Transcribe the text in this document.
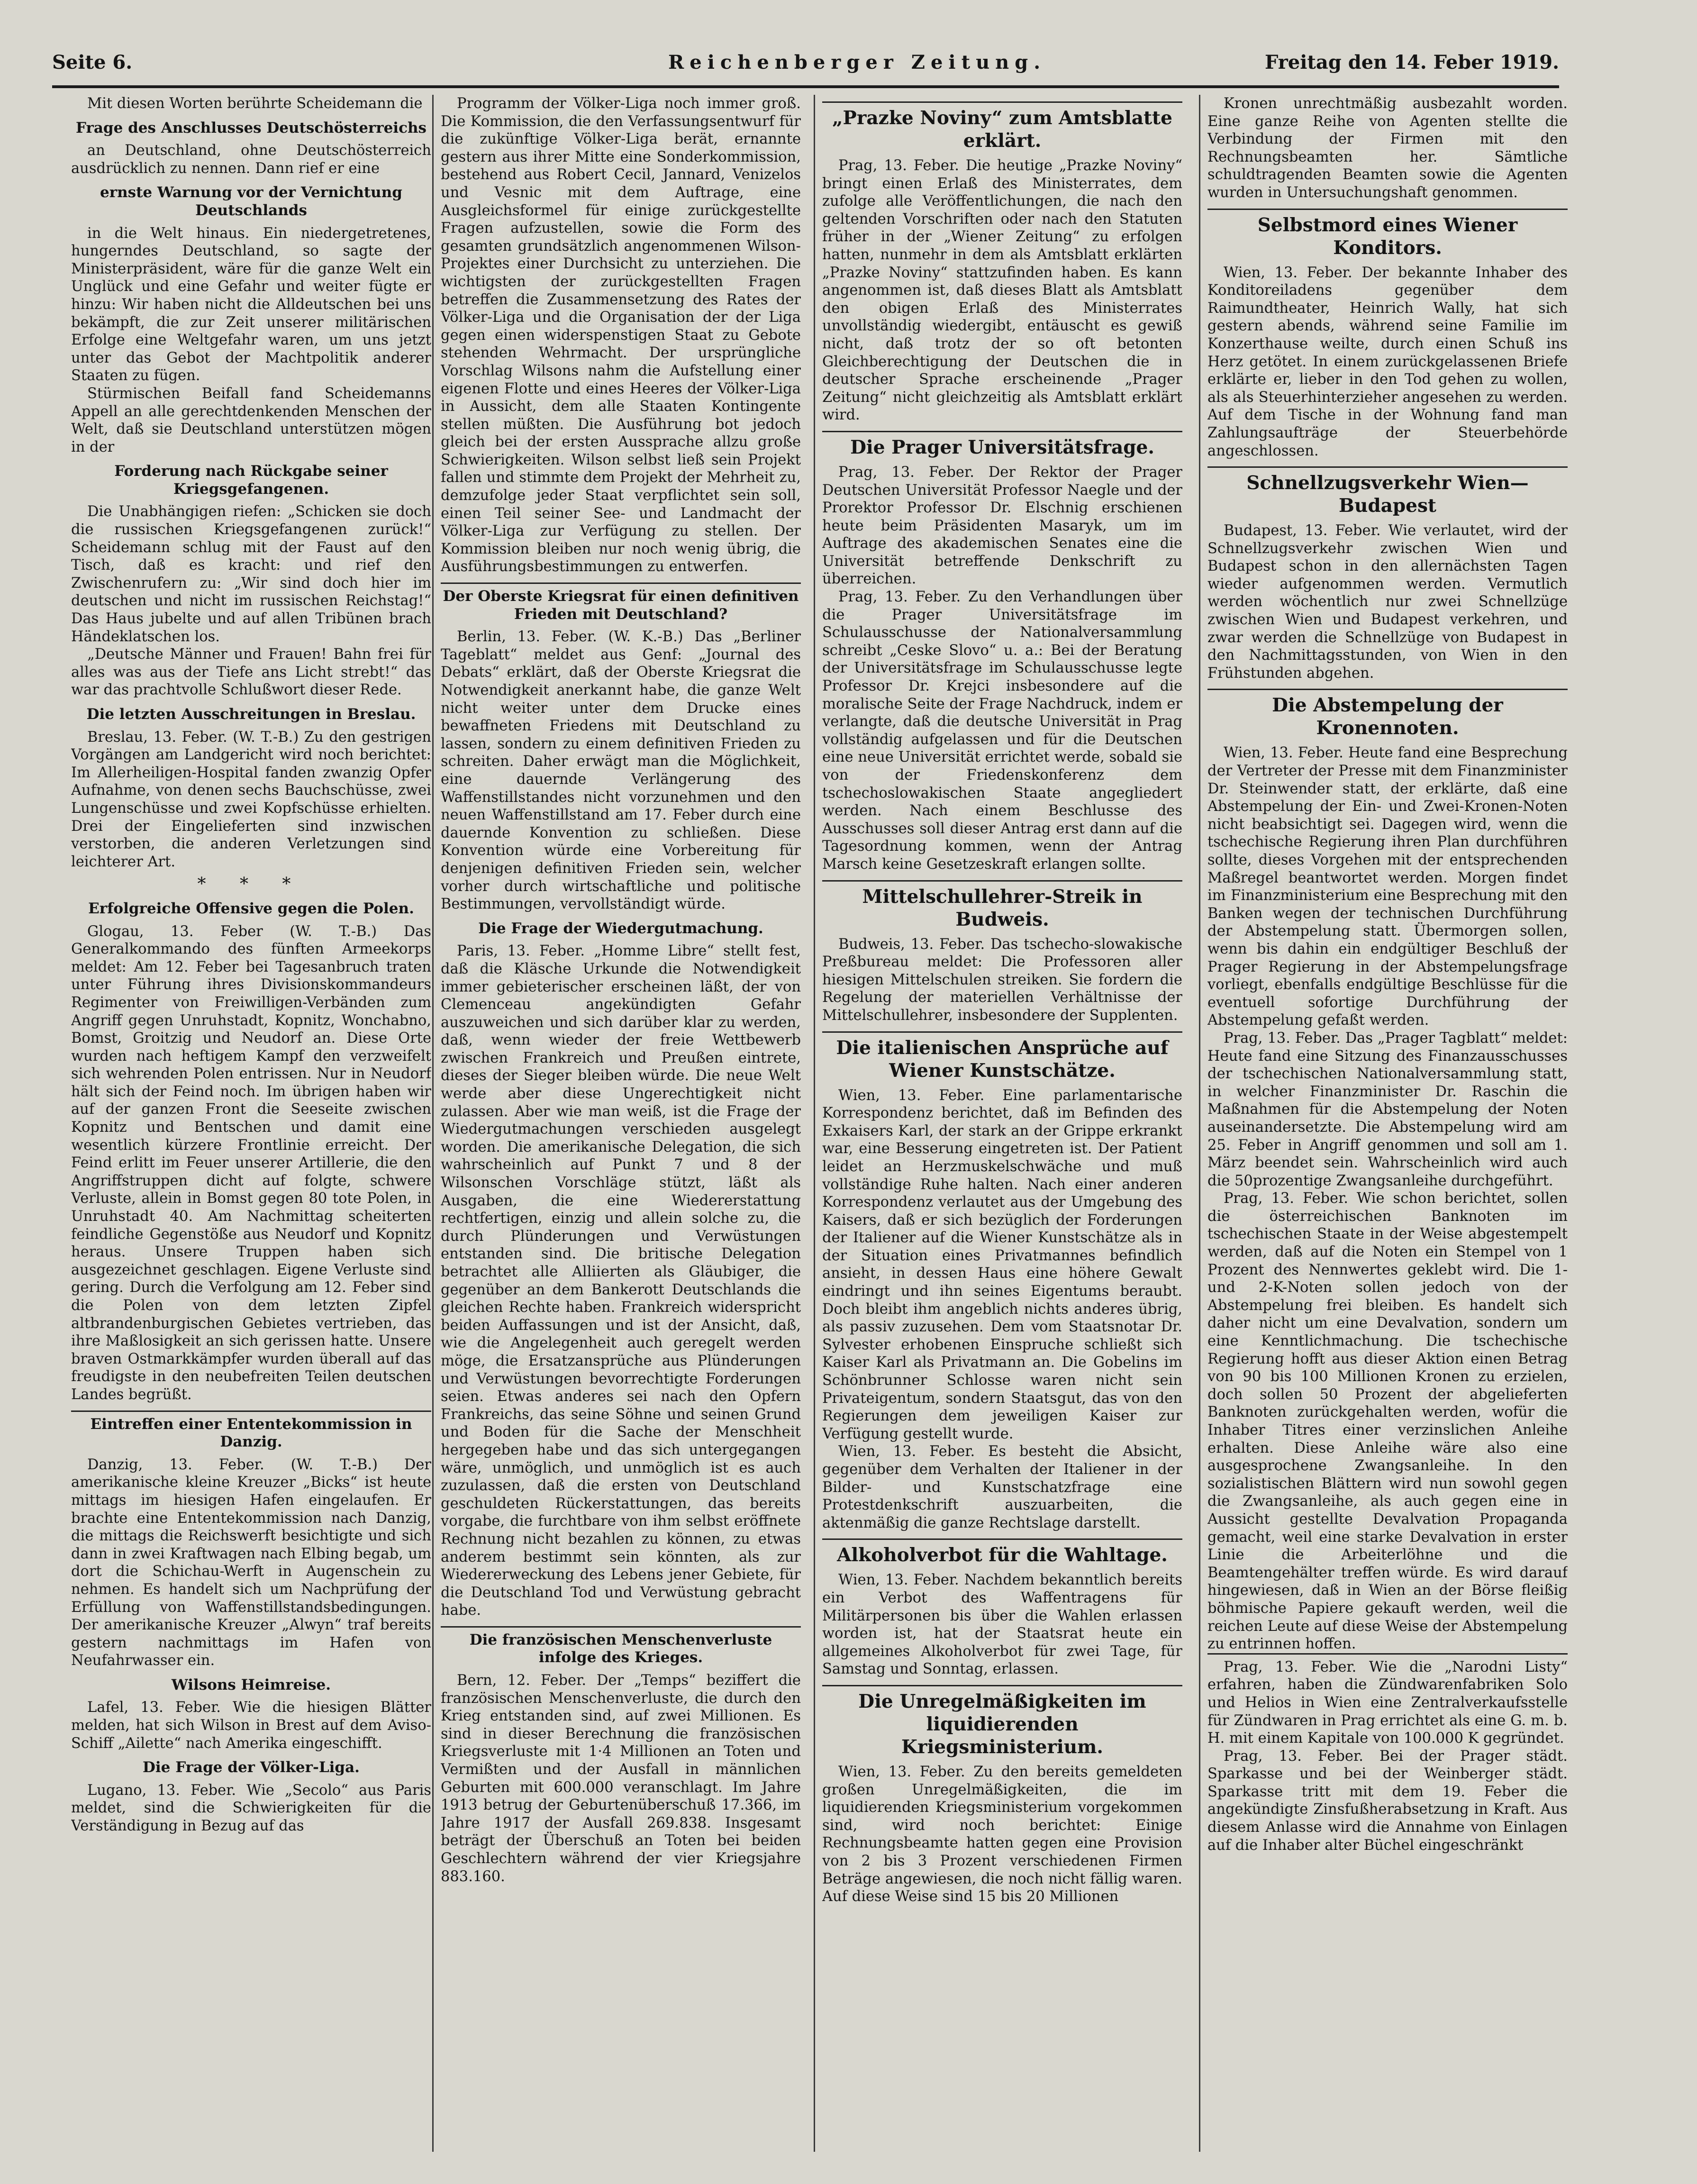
Seite 6.	Reichenberger Zeitung.	Freitag den 14. Feber 1919.

Mit diesen Worten berührte Scheidemann die

Frage des Anschlusses Deutschösterreichs

an Deutschland, ohne Deutschösterreich ausdrücklich zu nennen. Dann rief er eine

ernste Warnung vor der Vernichtung Deutschlands

in die Welt hinaus. Ein niedergetretenes, hungerndes Deutschland, so sagte der Ministerpräsident, wäre für die ganze Welt ein Unglück und eine Gefahr und weiter fügte er hinzu: Wir haben nicht die Alldeutschen bei uns bekämpft, die zur Zeit unserer militärischen Erfolge eine Weltgefahr waren, um uns jetzt unter das Gebot der Machtpolitik anderer Staaten zu fügen.

Stürmischen Beifall fand Scheidemanns Appell an alle gerechtdenkenden Menschen der Welt, daß sie Deutschland unterstützen mögen in der

Forderung nach Rückgabe seiner Kriegsgefangenen.

Die Unabhängigen riefen: „Schicken sie doch die russischen Kriegsgefangenen zurück!“ Scheidemann schlug mit der Faust auf den Tisch, daß es kracht: und rief den Zwischenrufern zu: „Wir sind doch hier im deutschen und nicht im russischen Reichstag!“ Das Haus jubelte und auf allen Tribünen brach Händeklatschen los.

„Deutsche Männer und Frauen! Bahn frei für alles was aus der Tiefe ans Licht strebt!“ das war das prachtvolle Schlußwort dieser Rede.

Die letzten Ausschreitungen in Breslau.

Breslau, 13. Feber. (W. T.-B.) Zu den gestrigen Vorgängen am Landgericht wird noch berichtet: Im Allerheiligen-Hospital fanden zwanzig Opfer Aufnahme, von denen sechs Bauchschüsse, zwei Lungenschüsse und zwei Kopfschüsse erhielten. Drei der Eingelieferten sind inzwischen verstorben, die anderen Verletzungen sind leichterer Art.

* * *

Erfolgreiche Offensive gegen die Polen.

Glogau, 13. Feber (W. T.-B.) Das Generalkommando des fünften Armeekorps meldet: Am 12. Feber bei Tagesanbruch traten unter Führung ihres Divisionskommandeurs Regimenter von Freiwilligen-Verbänden zum Angriff gegen Unruhstadt, Kopnitz, Wonchabno, Bomst, Groitzig und Neudorf an. Diese Orte wurden nach heftigem Kampf den verzweifelt sich wehrenden Polen entrissen. Nur in Neudorf hält sich der Feind noch. Im übrigen haben wir auf der ganzen Front die Seeseite zwischen Kopnitz und Bentschen und damit eine wesentlich kürzere Frontlinie erreicht. Der Feind erlitt im Feuer unserer Artillerie, die den Angriffstruppen dicht auf folgte, schwere Verluste, allein in Bomst gegen 80 tote Polen, in Unruhstadt 40. Am Nachmittag scheiterten feindliche Gegenstöße aus Neudorf und Kopnitz heraus. Unsere Truppen haben sich ausgezeichnet geschlagen. Eigene Verluste sind gering. Durch die Verfolgung am 12. Feber sind die Polen von dem letzten Zipfel altbrandenburgischen Gebietes vertrieben, das ihre Maßlosigkeit an sich gerissen hatte. Unsere braven Ostmarkkämpfer wurden überall auf das freudigste in den neubefreiten Teilen deutschen Landes begrüßt.

Eintreffen einer Ententekommission in Danzig.

Danzig, 13. Feber. (W. T.-B.) Der amerikanische kleine Kreuzer „Bicks“ ist heute mittags im hiesigen Hafen eingelaufen. Er brachte eine Ententekommission nach Danzig, die mittags die Reichswerft besichtigte und sich dann in zwei Kraftwagen nach Elbing begab, um dort die Schichau-Werft in Augenschein zu nehmen. Es handelt sich um Nachprüfung der Erfüllung von Waffenstillstandsbedingungen. Der amerikanische Kreuzer „Alwyn“ traf bereits gestern nachmittags im Hafen von Neufahrwasser ein.

Wilsons Heimreise.

Lafel, 13. Feber. Wie die hiesigen Blätter melden, hat sich Wilson in Brest auf dem Aviso-Schiff „Ailette“ nach Amerika eingeschifft.

Die Frage der Völker-Liga.

Lugano, 13. Feber. Wie „Secolo“ aus Paris meldet, sind die Schwierigkeiten für die Verständigung in Bezug auf das

Programm der Völker-Liga noch immer groß. Die Kommission, die den Verfassungsentwurf für die zukünftige Völker-Liga berät, ernannte gestern aus ihrer Mitte eine Sonderkommission, bestehend aus Robert Cecil, Jannard, Venizelos und Vesnic mit dem Auftrage, eine Ausgleichsformel für einige zurückgestellte Fragen aufzustellen, sowie die Form des gesamten grundsätzlich angenommenen Wilson-Projektes einer Durchsicht zu unterziehen. Die wichtigsten der zurückgestellten Fragen betreffen die Zusammensetzung des Rates der Völker-Liga und die Organisation der der Liga gegen einen widerspenstigen Staat zu Gebote stehenden Wehrmacht. Der ursprüngliche Vorschlag Wilsons nahm die Aufstellung einer eigenen Flotte und eines Heeres der Völker-Liga in Aussicht, dem alle Staaten Kontingente stellen müßten. Die Ausführung bot jedoch gleich bei der ersten Aussprache allzu große Schwierigkeiten. Wilson selbst ließ sein Projekt fallen und stimmte dem Projekt der Mehrheit zu, demzufolge jeder Staat verpflichtet sein soll, einen Teil seiner See- und Landmacht der Völker-Liga zur Verfügung zu stellen. Der Kommission bleiben nur noch wenig übrig, die Ausführungsbestimmungen zu entwerfen.

Der Oberste Kriegsrat für einen definitiven Frieden mit Deutschland?

Berlin, 13. Feber. (W. K.-B.) Das „Berliner Tageblatt“ meldet aus Genf: „Journal des Debats“ erklärt, daß der Oberste Kriegsrat die Notwendigkeit anerkannt habe, die ganze Welt nicht weiter unter dem Drucke eines bewaffneten Friedens mit Deutschland zu lassen, sondern zu einem definitiven Frieden zu schreiten. Daher erwägt man die Möglichkeit, eine dauernde Verlängerung des Waffenstillstandes nicht vorzunehmen und den neuen Waffenstillstand am 17. Feber durch eine dauernde Konvention zu schließen. Diese Konvention würde eine Vorbereitung für denjenigen definitiven Frieden sein, welcher vorher durch wirtschaftliche und politische Bestimmungen, vervollständigt würde.

Die Frage der Wiedergutmachung.

Paris, 13. Feber. „Homme Libre“ stellt fest, daß die Kläsche Urkunde die Notwendigkeit immer gebieterischer erscheinen läßt, der von Clemenceau angekündigten Gefahr auszuweichen und sich darüber klar zu werden, daß, wenn wieder der freie Wettbewerb zwischen Frankreich und Preußen eintrete, dieses der Sieger bleiben würde. Die neue Welt werde aber diese Ungerechtigkeit nicht zulassen. Aber wie man weiß, ist die Frage der Wiedergutmachungen verschieden ausgelegt worden. Die amerikanische Delegation, die sich wahrscheinlich auf Punkt 7 und 8 der Wilsonschen Vorschläge stützt, läßt als Ausgaben, die eine Wiedererstattung rechtfertigen, einzig und allein solche zu, die durch Plünderungen und Verwüstungen entstanden sind. Die britische Delegation betrachtet alle Alliierten als Gläubiger, die gegenüber an dem Bankerott Deutschlands die gleichen Rechte haben. Frankreich widerspricht beiden Auffassungen und ist der Ansicht, daß, wie die Angelegenheit auch geregelt werden möge, die Ersatzansprüche aus Plünderungen und Verwüstungen bevorrechtigte Forderungen seien. Etwas anderes sei nach den Opfern Frankreichs, das seine Söhne und seinen Grund und Boden für die Sache der Menschheit hergegeben habe und das sich untergegangen wäre, unmöglich, und unmöglich ist es auch zuzulassen, daß die ersten von Deutschland geschuldeten Rückerstattungen, das bereits vorgabe, die furchtbare von ihm selbst eröffnete Rechnung nicht bezahlen zu können, zu etwas anderem bestimmt sein könnten, als zur Wiedererweckung des Lebens jener Gebiete, für die Deutschland Tod und Verwüstung gebracht habe.

Die französischen Menschenverluste infolge des Krieges.

Bern, 12. Feber. Der „Temps“ beziffert die französischen Menschenverluste, die durch den Krieg entstanden sind, auf zwei Millionen. Es sind in dieser Berechnung die französischen Kriegsverluste mit 1·4 Millionen an Toten und Vermißten und der Ausfall in männlichen Geburten mit 600.000 veranschlagt. Im Jahre 1913 betrug der Geburtenüberschuß 17.366, im Jahre 1917 der Ausfall 269.838. Insgesamt beträgt der Überschuß an Toten bei beiden Geschlechtern während der vier Kriegsjahre 883.160.

„Prazke Noviny“ zum Amtsblatte erklärt.

Prag, 13. Feber. Die heutige „Prazke Noviny“ bringt einen Erlaß des Ministerrates, dem zufolge alle Veröffentlichungen, die nach den geltenden Vorschriften oder nach den Statuten früher in der „Wiener Zeitung“ zu erfolgen hatten, nunmehr in dem als Amtsblatt erklärten „Prazke Noviny“ stattzufinden haben. Es kann angenommen ist, daß dieses Blatt als Amtsblatt den obigen Erlaß des Ministerrates unvollständig wiedergibt, entäuscht es gewiß nicht, daß trotz der so oft betonten Gleichberechtigung der Deutschen die in deutscher Sprache erscheinende „Prager Zeitung“ nicht gleichzeitig als Amtsblatt erklärt wird.

Die Prager Universitätsfrage.

Prag, 13. Feber. Der Rektor der Prager Deutschen Universität Professor Naegle und der Prorektor Professor Dr. Elschnig erschienen heute beim Präsidenten Masaryk, um im Auftrage des akademischen Senates eine die Universität betreffende Denkschrift zu überreichen.

Prag, 13. Feber. Zu den Verhandlungen über die Prager Universitätsfrage im Schulausschusse der Nationalversammlung schreibt „Ceske Slovo“ u. a.: Bei der Beratung der Universitätsfrage im Schulausschusse legte Professor Dr. Krejci insbesondere auf die moralische Seite der Frage Nachdruck, indem er verlangte, daß die deutsche Universität in Prag vollständig aufgelassen und für die Deutschen eine neue Universität errichtet werde, sobald sie von der Friedenskonferenz dem tschechoslowakischen Staate angegliedert werden. Nach einem Beschlusse des Ausschusses soll dieser Antrag erst dann auf die Tagesordnung kommen, wenn der Antrag Marsch keine Gesetzeskraft erlangen sollte.

Mittelschullehrer-Streik in Budweis.

Budweis, 13. Feber. Das tschecho-slowakische Preßbureau meldet: Die Professoren aller hiesigen Mittelschulen streiken. Sie fordern die Regelung der materiellen Verhältnisse der Mittelschullehrer, insbesondere der Supplenten.

Die italienischen Ansprüche auf Wiener Kunstschätze.

Wien, 13. Feber. Eine parlamentarische Korrespondenz berichtet, daß im Befinden des Exkaisers Karl, der stark an der Grippe erkrankt war, eine Besserung eingetreten ist. Der Patient leidet an Herzmuskelschwäche und muß vollständige Ruhe halten. Nach einer anderen Korrespondenz verlautet aus der Umgebung des Kaisers, daß er sich bezüglich der Forderungen der Italiener auf die Wiener Kunstschätze als in der Situation eines Privatmannes befindlich ansieht, in dessen Haus eine höhere Gewalt eindringt und ihn seines Eigentums beraubt. Doch bleibt ihm angeblich nichts anderes übrig, als passiv zuzusehen. Dem vom Staatsnotar Dr. Sylvester erhobenen Einspruche schließt sich Kaiser Karl als Privatmann an. Die Gobelins im Schönbrunner Schlosse waren nicht sein Privateigentum, sondern Staatsgut, das von den Regierungen dem jeweiligen Kaiser zur Verfügung gestellt wurde.

Wien, 13. Feber. Es besteht die Absicht, gegenüber dem Verhalten der Italiener in der Bilder- und Kunstschatzfrage eine Protestdenkschrift auszuarbeiten, die aktenmäßig die ganze Rechtslage darstellt.

Alkoholverbot für die Wahltage.

Wien, 13. Feber. Nachdem bekanntlich bereits ein Verbot des Waffentragens für Militärpersonen bis über die Wahlen erlassen worden ist, hat der Staatsrat heute ein allgemeines Alkoholverbot für zwei Tage, für Samstag und Sonntag, erlassen.

Die Unregelmäßigkeiten im liquidierenden Kriegsministerium.

Wien, 13. Feber. Zu den bereits gemeldeten großen Unregelmäßigkeiten, die im liquidierenden Kriegsministerium vorgekommen sind, wird noch berichtet: Einige Rechnungsbeamte hatten gegen eine Provision von 2 bis 3 Prozent verschiedenen Firmen Beträge angewiesen, die noch nicht fällig waren. Auf diese Weise sind 15 bis 20 Millionen

Kronen unrechtmäßig ausbezahlt worden. Eine ganze Reihe von Agenten stellte die Verbindung der Firmen mit den Rechnungsbeamten her. Sämtliche schuldtragenden Beamten sowie die Agenten wurden in Untersuchungshaft genommen.

Selbstmord eines Wiener Konditors.

Wien, 13. Feber. Der bekannte Inhaber des Konditoreiladens gegenüber dem Raimundtheater, Heinrich Wally, hat sich gestern abends, während seine Familie im Konzerthause weilte, durch einen Schuß ins Herz getötet. In einem zurückgelassenen Briefe erklärte er, lieber in den Tod gehen zu wollen, als als Steuerhinterzieher angesehen zu werden. Auf dem Tische in der Wohnung fand man Zahlungsaufträge der Steuerbehörde angeschlossen.

Schnellzugsverkehr Wien—Budapest

Budapest, 13. Feber. Wie verlautet, wird der Schnellzugsverkehr zwischen Wien und Budapest schon in den allernächsten Tagen wieder aufgenommen werden. Vermutlich werden wöchentlich nur zwei Schnellzüge zwischen Wien und Budapest verkehren, und zwar werden die Schnellzüge von Budapest in den Nachmittagsstunden, von Wien in den Frühstunden abgehen.

Die Abstempelung der Kronennoten.

Wien, 13. Feber. Heute fand eine Besprechung der Vertreter der Presse mit dem Finanzminister Dr. Steinwender statt, der erklärte, daß eine Abstempelung der Ein- und Zwei-Kronen-Noten nicht beabsichtigt sei. Dagegen wird, wenn die tschechische Regierung ihren Plan durchführen sollte, dieses Vorgehen mit der entsprechenden Maßregel beantwortet werden. Morgen findet im Finanzministerium eine Besprechung mit den Banken wegen der technischen Durchführung der Abstempelung statt. Übermorgen sollen, wenn bis dahin ein endgültiger Beschluß der Prager Regierung in der Abstempelungsfrage vorliegt, ebenfalls endgültige Beschlüsse für die eventuell sofortige Durchführung der Abstempelung gefaßt werden.

Prag, 13. Feber. Das „Prager Tagblatt“ meldet: Heute fand eine Sitzung des Finanzausschusses der tschechischen Nationalversammlung statt, in welcher Finanzminister Dr. Raschin die Maßnahmen für die Abstempelung der Noten auseinandersetzte. Die Abstempelung wird am 25. Feber in Angriff genommen und soll am 1. März beendet sein. Wahrscheinlich wird auch die 50prozentige Zwangsanleihe durchgeführt.

Prag, 13. Feber. Wie schon berichtet, sollen die österreichischen Banknoten im tschechischen Staate in der Weise abgestempelt werden, daß auf die Noten ein Stempel von 1 Prozent des Nennwertes geklebt wird. Die 1- und 2-K-Noten sollen jedoch von der Abstempelung frei bleiben. Es handelt sich daher nicht um eine Devalvation, sondern um eine Kenntlichmachung. Die tschechische Regierung hofft aus dieser Aktion einen Betrag von 90 bis 100 Millionen Kronen zu erzielen, doch sollen 50 Prozent der abgelieferten Banknoten zurückgehalten werden, wofür die Inhaber Titres einer verzinslichen Anleihe erhalten. Diese Anleihe wäre also eine ausgesprochene Zwangsanleihe. In den sozialistischen Blättern wird nun sowohl gegen die Zwangsanleihe, als auch gegen eine in Aussicht gestellte Devalvation Propaganda gemacht, weil eine starke Devalvation in erster Linie die Arbeiterlöhne und die Beamtengehälter treffen würde. Es wird darauf hingewiesen, daß in Wien an der Börse fleißig böhmische Papiere gekauft werden, weil die reichen Leute auf diese Weise der Abstempelung zu entrinnen hoffen.

Prag, 13. Feber. Wie die „Narodni Listy“ erfahren, haben die Zündwarenfabriken Solo und Helios in Wien eine Zentralverkaufsstelle für Zündwaren in Prag errichtet als eine G. m. b. H. mit einem Kapitale von 100.000 K gegründet.

Prag, 13. Feber. Bei der Prager städt. Sparkasse und bei der Weinberger städt. Sparkasse tritt mit dem 19. Feber die angekündigte Zinsfußherabsetzung in Kraft. Aus diesem Anlasse wird die Annahme von Einlagen auf die Inhaber alter Büchel eingeschränkt
